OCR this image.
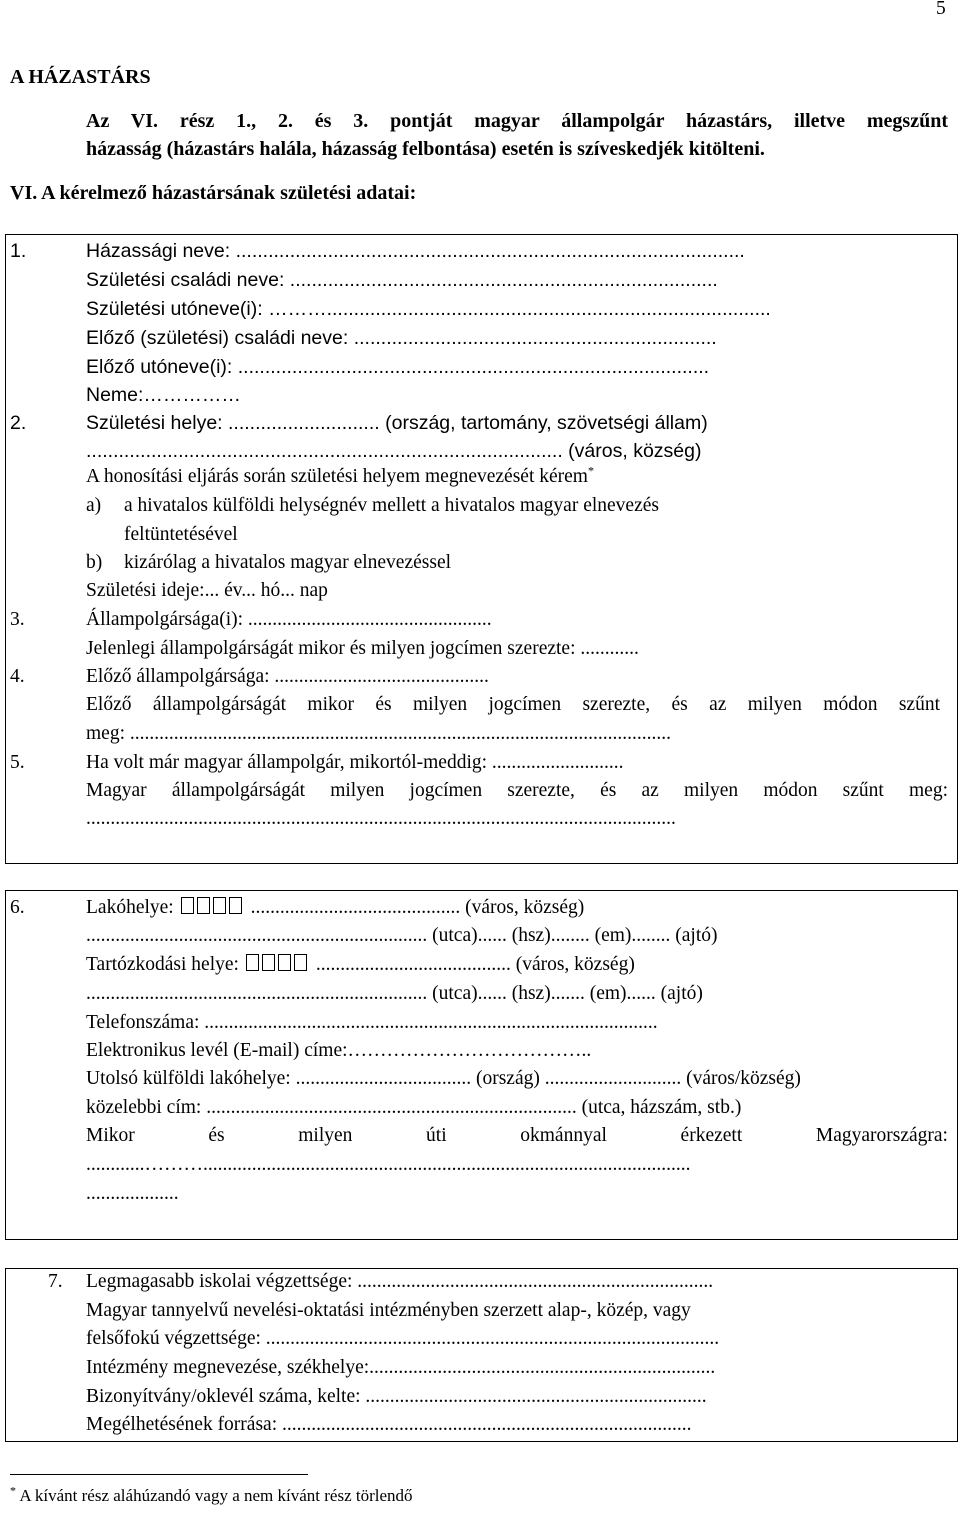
5
A HÁZASTÁRS
Az VI. rész 1., 2. és 3. pontját magyar állampolgár házastárs, illetve megszűnt
házasság (házastárs halála, házasság felbontása) esetén is szíveskedjék kitölteni.
VI. A kérelmező házastársának születési adatai:
1.	Házassági neve: ..............................................................................................
Születési családi neve: ...............................................................................
Születési utóneve(i): ………..................................................................................
Előző (születési) családi neve: ...................................................................
Előző utóneve(i): .......................................................................................
Neme:……………
2.	Születési helye: ............................ (ország, tartomány, szövetségi állam)
........................................................................................ (város, község)
A honosítási eljárás során születési helyem megnevezését kérem*
a) a hivatalos külföldi helységnév mellett a hivatalos magyar elnevezés
feltüntetésével
b) kizárólag a hivatalos magyar elnevezéssel
Születési ideje:... év... hó... nap
3.	Állampolgársága(i): ..................................................
Jelenlegi állampolgárságát mikor és milyen jogcímen szerezte: ............
4.	Előző állampolgársága: ............................................
Előző állampolgárságát mikor és milyen jogcímen szerezte, és az milyen módon szűnt
meg: ...............................................................................................................
5.	Ha volt már magyar állampolgár, mikortól-meddig: ...........................
Magyar állampolgárságát milyen jogcímen szerezte, és az milyen módon szűnt meg:
.........................................................................................................................
6.	Lakóhelye:	........................................... (város, község)
...................................................................... (utca)...... (hsz)........ (em)........ (ajtó)
Tartózkodási helye:	........................................ (város, község)
...................................................................... (utca)...... (hsz)....... (em)...... (ajtó)
Telefonszáma: .............................................................................................
Elektronikus levél (E-mail) címe:………………………………..
Utolsó külföldi lakóhelye: .................................... (ország) ............................ (város/község)
közelebbi cím: ............................................................................ (utca, házszám, stb.)
Mikor	és	milyen	úti	okmánnyal	érkezett	Magyarországra:
............………....................................................................................................
...................
7. Legmagasabb iskolai végzettsége: .........................................................................
Magyar tannyelvű nevelési-oktatási intézményben szerzett alap-, közép, vagy
felsőfokú végzettsége: .............................................................................................
Intézmény megnevezése, székhelye:.......................................................................
Bizonyítvány/oklevél száma, kelte: ......................................................................
Megélhetésének forrása: ....................................................................................
* A kívánt rész aláhúzandó vagy a nem kívánt rész törlendő
